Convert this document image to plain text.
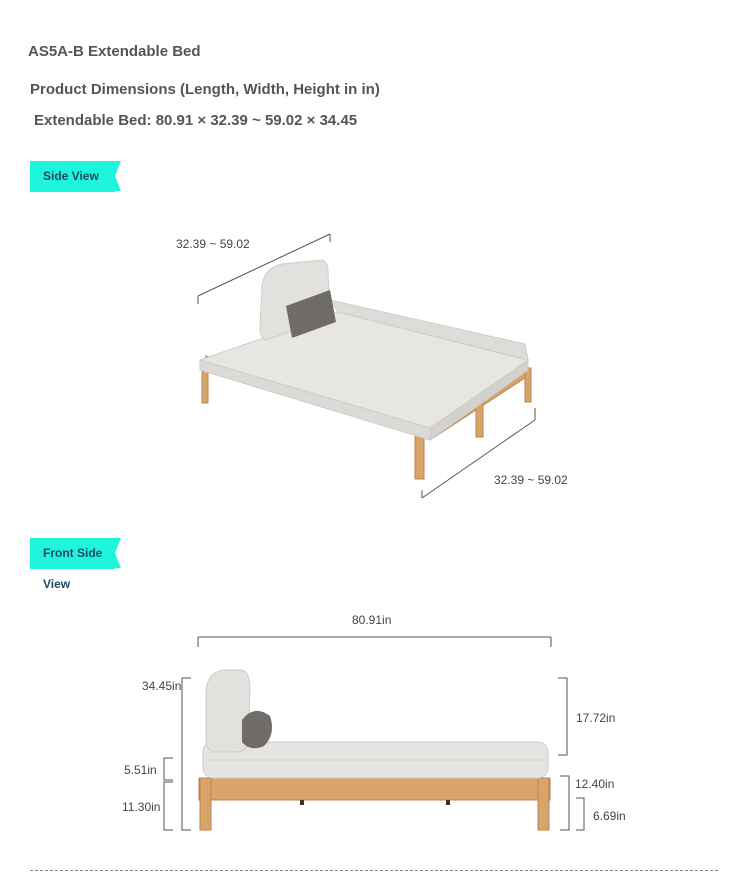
AS5A-B Extendable Bed
Product Dimensions (Length, Width, Height in in)
Extendable Bed: 80.91 × 32.39 ~ 59.02 × 34.45
Side View
32.39 ~ 59.02
32.39 ~ 59.02
Front Side View
80.91in
34.45in
5.51in
11.30in
17.72in
12.40in
6.69in
